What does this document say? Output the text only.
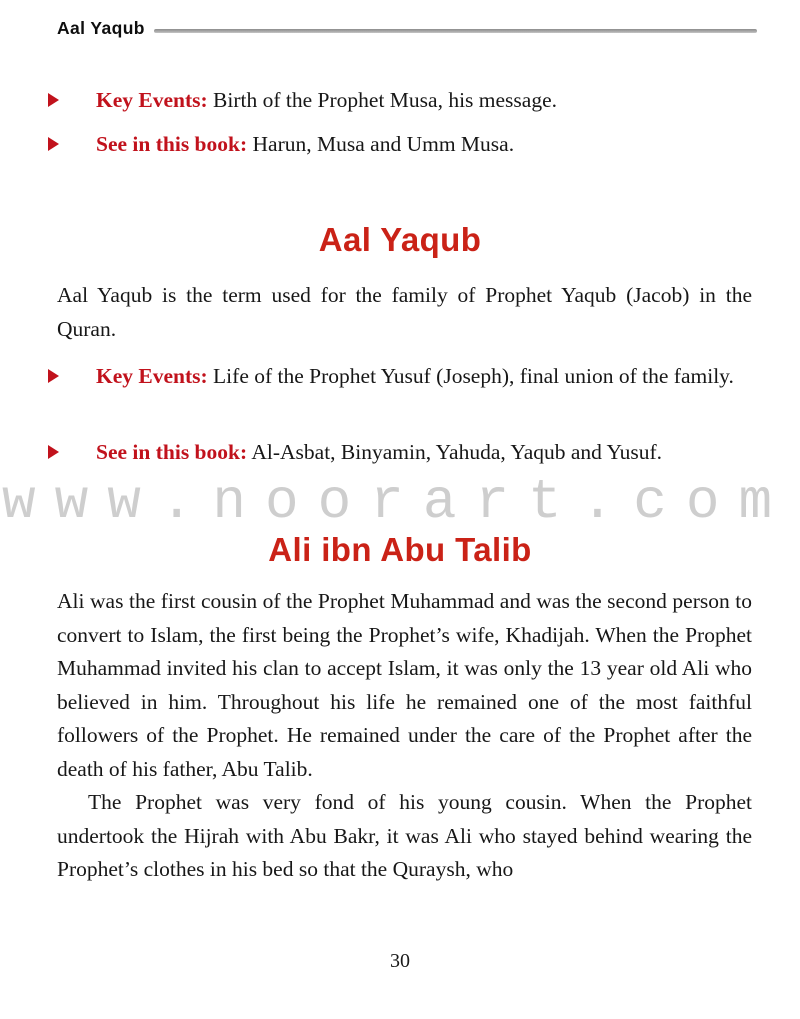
Aal Yaqub
Key Events: Birth of the Prophet Musa, his message.
See in this book: Harun, Musa and Umm Musa.
Aal Yaqub
Aal Yaqub is the term used for the family of Prophet Yaqub (Jacob) in the Quran.
Key Events: Life of the Prophet Yusuf (Joseph), final union of the family.
See in this book: Al-Asbat, Binyamin, Yahuda, Yaqub and Yusuf.
www.noorart.com
Ali ibn Abu Talib

Ali was the first cousin of the Prophet Muhammad and was the second person to convert to Islam, the first being the Prophet’s wife, Khadijah. When the Prophet Muhammad invited his clan to accept Islam, it was only the 13 year old Ali who believed in him. Throughout his life he remained one of the most faithful followers of the Prophet. He remained under the care of the Prophet after the death of his father, Abu Talib.

The Prophet was very fond of his young cousin. When the Prophet undertook the Hijrah with Abu Bakr, it was Ali who stayed behind wearing the Prophet’s clothes in his bed so that the Quraysh, who

30
